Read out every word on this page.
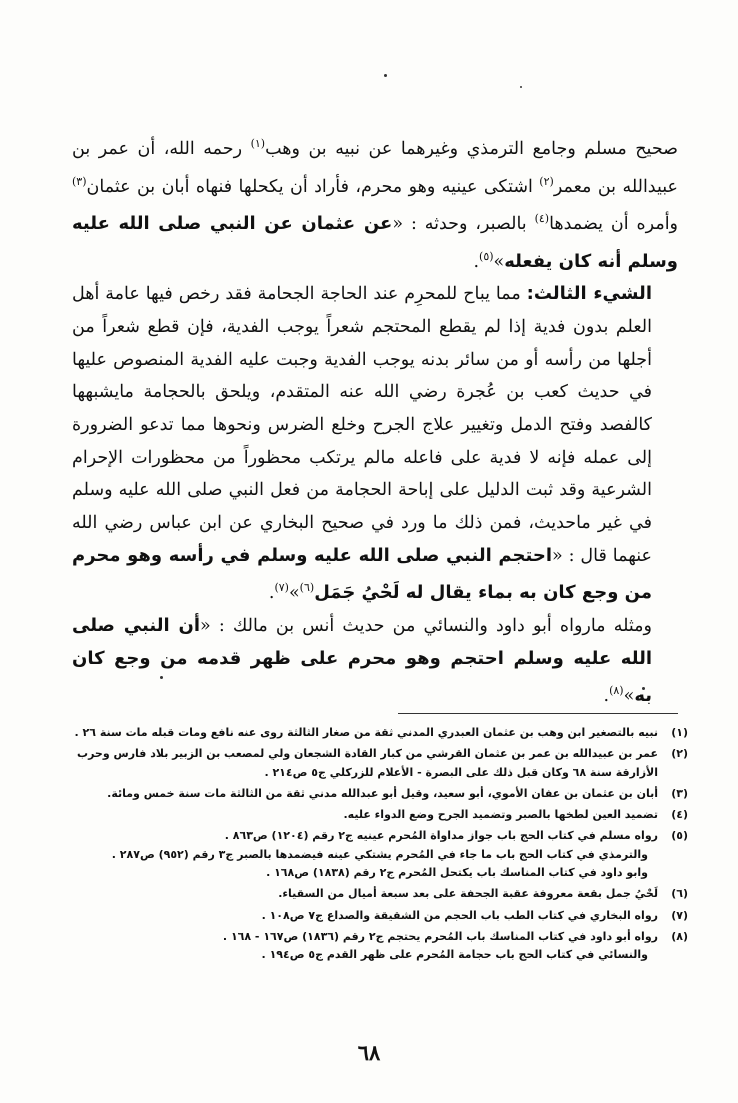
صحيح مسلم وجامع الترمذي وغيرهما عن نبيه بن وهب$^{(١)}$ رحمه الله، أن عمر بن عبيدالله بن معمر$^{(٢)}$ اشتكى عينيه وهو محرم، فأراد أن يكحلها فنهاه أبان بن عثمان$^{(٣)}$ وأمره أن يضمدها$^{(٤)}$ بالصبر، وحدثه : «عن عثمان عن النبي صلى الله عليه وسلم أنه كان يفعله»$^{(٥)}$.

الشيء الثالث: مما يباح للمحرِم عند الحاجة الجحامة فقد رخص فيها عامة أهل العلم بدون فدية إذا لم يقطع المحتجم شعراً يوجب الفدية، فإن قطع شعراً من أجلها من رأسه أو من سائر بدنه يوجب الفدية وجبت عليه الفدية المنصوص عليها في حديث كعب بن عُجرة رضي الله عنه المتقدم، ويلحق بالحجامة مايشبهها كالفصد وفتح الدمل وتغيير علاج الجرح وخلع الضرس ونحوها مما تدعو الضرورة إلى عمله فإنه لا فدية على فاعله مالم يرتكب محظوراً من محظورات الإحرام الشرعية وقد ثبت الدليل على إباحة الحجامة من فعل النبي صلى الله عليه وسلم في غير ماحديث، فمن ذلك ما ورد في صحيح البخاري عن ابن عباس رضي الله عنهما قال : «احتجم النبي صلى الله عليه وسلم في رأسه وهو محرم من وجع كان به بماء يقال له لَحْيُ جَمَل$^{(٦)}$»$^{(٧)}$.

ومثله مارواه أبو داود والنسائي من حديث أنس بن مالك : «أن النبي صلى الله عليه وسلم احتجم وهو محرم على ظهر قدمه من وجع كان به»$^{(٨)}$.

(١)
نبيه بالتصغير ابن وهب بن عثمان العبدري المدني ثقة من صغار الثالثة روى عنه نافع ومات قبله مات سنة ٢٦ .
(٢)
عمر بن عبيدالله بن عمر بن عثمان القرشي من كبار القادة الشجعان ولي لمصعب بن الزبير بلاد فارس وحرب الأزارقة سنة ٦٨ وكان قبل ذلك على البصرة - الأعلام للزركلي ج٥ ص٢١٤ .
(٣)
أبان بن عثمان بن عفان الأموي، أبو سعيد، وقيل أبو عبدالله مدني ثقة من الثالثة مات سنة خمس ومائة.
(٤)
تضميد العين لطخها بالصبر وتضميد الجرح وضع الدواء عليه.
(٥)
رواه مسلم في كتاب الحج باب جواز مداواة المُحرم عينيه ج٢ رقم (١٢٠٤) ص٨٦٣ .
والترمذي في كتاب الحج باب ما جاء في المُحرم يشتكي عينه فيضمدها بالصبر ج٣ رقم (٩٥٢) ص٢٨٧ .
وابو داود في كتاب المناسك باب يكتحل المُحرم ج٢ رقم (١٨٣٨) ص١٦٨ .
(٦)
لَحْيُ جمل بقعة معروفة عقبة الجحفة على بعد سبعة أميال من السقياء.
(٧)
رواه البخاري في كتاب الطب باب الحجم من الشقيقة والصداع ج٧ ص١٠٨ .
(٨)
رواه أبو داود في كتاب المناسك باب المُحرم يحتجم ج٢ رقم (١٨٣٦) ص١٦٧ - ١٦٨ .
والنسائي في كتاب الحج باب حجامة المُحرم على ظهر القدم ج٥ ص١٩٤ .
٦٨
